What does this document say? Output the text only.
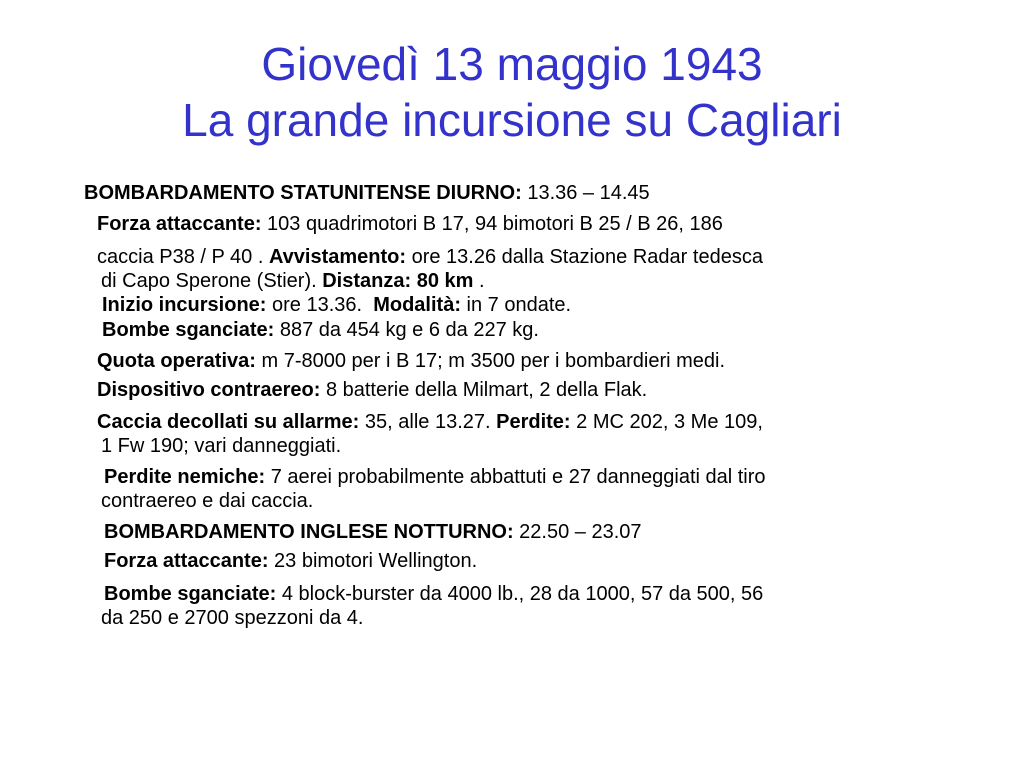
Giovedì 13 maggio 1943
La grande incursione su Cagliari
BOMBARDAMENTO STATUNITENSE DIURNO: 13.36 – 14.45
Forza attaccante: 103 quadrimotori B 17, 94 bimotori B 25 / B 26, 186
caccia P38 / P 40 . Avvistamento: ore 13.26 dalla Stazione Radar tedesca
di Capo Sperone (Stier). Distanza: 80 km .
Inizio incursione: ore 13.36.  Modalità: in 7 ondate.
Bombe sganciate: 887 da 454 kg e 6 da 227 kg.
Quota operativa: m 7-8000 per i B 17; m 3500 per i bombardieri medi.
Dispositivo contraereo: 8 batterie della Milmart, 2 della Flak.
Caccia decollati su allarme: 35, alle 13.27. Perdite: 2 MC 202, 3 Me 109,
1 Fw 190; vari danneggiati.
Perdite nemiche: 7 aerei probabilmente abbattuti e 27 danneggiati dal tiro
contraereo e dai caccia.
BOMBARDAMENTO INGLESE NOTTURNO: 22.50 – 23.07
Forza attaccante: 23 bimotori Wellington.
Bombe sganciate: 4 block-burster da 4000 lb., 28 da 1000, 57 da 500, 56
da 250 e 2700 spezzoni da 4.
